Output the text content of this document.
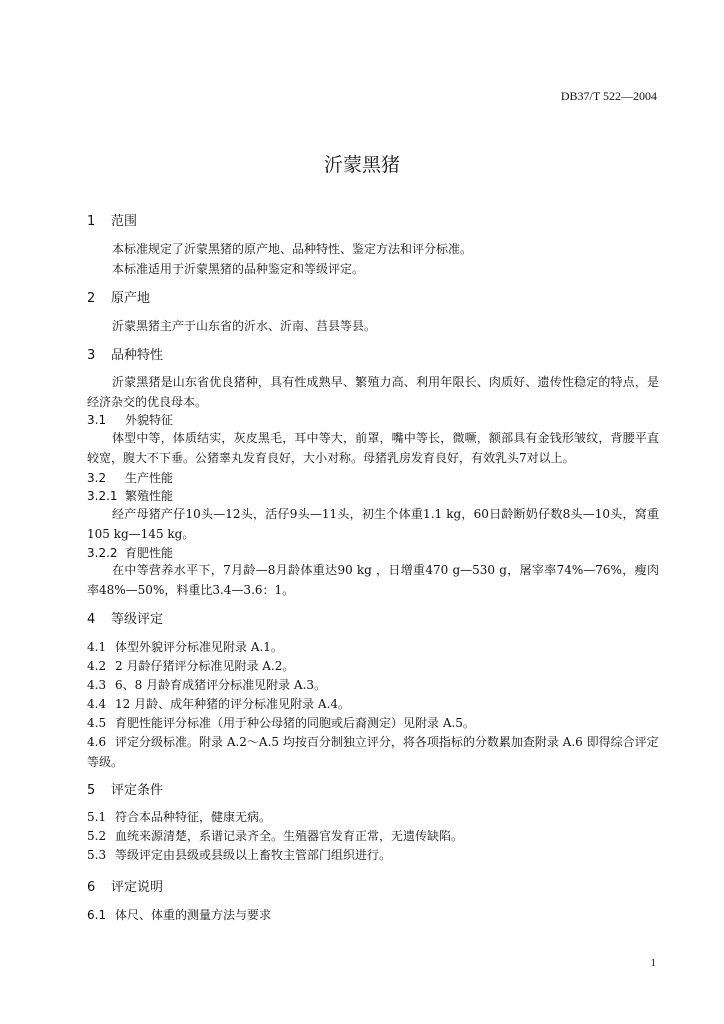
DB37/T 522—2004
沂蒙黑猪
1 范围
本标准规定了沂蒙黑猪的原产地、品种特性、鉴定方法和评分标准。
本标准适用于沂蒙黑猪的品种鉴定和等级评定。
2 原产地
沂蒙黑猪主产于山东省的沂水、沂南、莒县等县。
3 品种特性
沂蒙黑猪是山东省优良猪种，具有性成熟早、繁殖力高、利用年限长、肉质好、遗传性稳定的特点，是经济杂交的优良母本。
3.1 外貌特征
体型中等，体质结实，灰皮黑毛，耳中等大，前罩，嘴中等长，微噘，额部具有金钱形皱纹，背腰平直较宽，腹大不下垂。公猪睾丸发育良好，大小对称。母猪乳房发育良好，有效乳头7对以上。
3.2 生产性能
3.2.1 繁殖性能
经产母猪产仔10头—12头，活仔9头—11头，初生个体重1.1 kg，60日龄断奶仔数8头—10头，窝重105 kg—145 kg。
3.2.2 育肥性能
在中等营养水平下，7月龄—8月龄体重达90 kg ，日增重470 g—530 g，屠宰率74%—76%，瘦肉率48%—50%，料重比3.4—3.6：1。
4 等级评定
4.1 体型外貌评分标准见附录 A.1。
4.2 2 月龄仔猪评分标准见附录 A.2。
4.3 6、8 月龄育成猪评分标准见附录 A.3。
4.4 12 月龄、成年种猪的评分标准见附录 A.4。
4.5 育肥性能评分标准（用于种公母猪的同胞或后裔测定）见附录 A.5。
4.6 评定分级标准。附录 A.2～A.5 均按百分制独立评分，将各项指标的分数累加查附录 A.6 即得综合评定等级。
5 评定条件
5.1 符合本品种特征，健康无病。
5.2 血统来源清楚，系谱记录齐全。生殖器官发育正常，无遗传缺陷。
5.3 等级评定由县级或县级以上畜牧主管部门组织进行。
6 评定说明
6.1 体尺、体重的测量方法与要求
1
